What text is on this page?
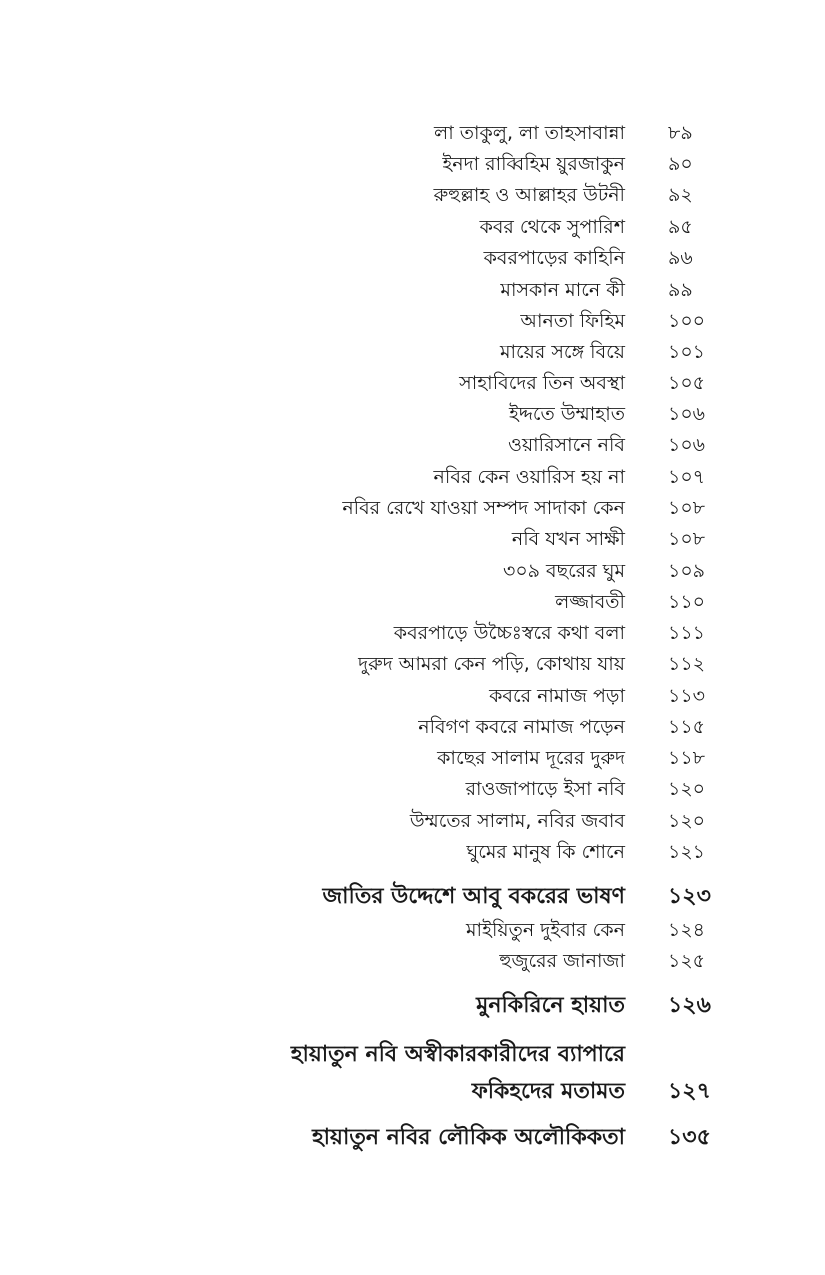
লা তাকুলু, লা তাহসাবান্না ৮৯
ইনদা রাব্বিহিম য়ুরজাকুন ৯০
রুহুল্লাহ ও আল্লাহর উটনী ৯২
কবর থেকে সুপারিশ ৯৫
কবরপাড়ের কাহিনি ৯৬
মাসকান মানে কী ৯৯
আনতা ফিহিম ১০০
মায়ের সঙ্গে বিয়ে ১০১
সাহাবিদের তিন অবস্থা ১০৫
ইদ্দতে উম্মাহাত ১০৬
ওয়ারিসানে নবি ১০৬
নবির কেন ওয়ারিস হয় না ১০৭
নবির রেখে যাওয়া সম্পদ সাদাকা কেন ১০৮
নবি যখন সাক্ষী ১০৮
৩০৯ বছরের ঘুম ১০৯
লজ্জাবতী ১১০
কবরপাড়ে উচ্চৈঃস্বরে কথা বলা ১১১
দুরুদ আমরা কেন পড়ি, কোথায় যায় ১১২
কবরে নামাজ পড়া ১১৩
নবিগণ কবরে নামাজ পড়েন ১১৫
কাছের সালাম দূরের দুরুদ ১১৮
রাওজাপাড়ে ইসা নবি ১২০
উম্মতের সালাম, নবির জবাব ১২০
ঘুমের মানুষ কি শোনে ১২১
জাতির উদ্দেশে আবু বকরের ভাষণ ১২৩
মাইয়িতুন দুইবার কেন ১২৪
হুজুরের জানাজা ১২৫
মুনকিরিনে হায়াত ১২৬
হায়াতুন নবি অস্বীকারকারীদের ব্যাপারে
ফকিহদের মতামত ১২৭
হায়াতুন নবির লৌকিক অলৌকিকতা ১৩৫
